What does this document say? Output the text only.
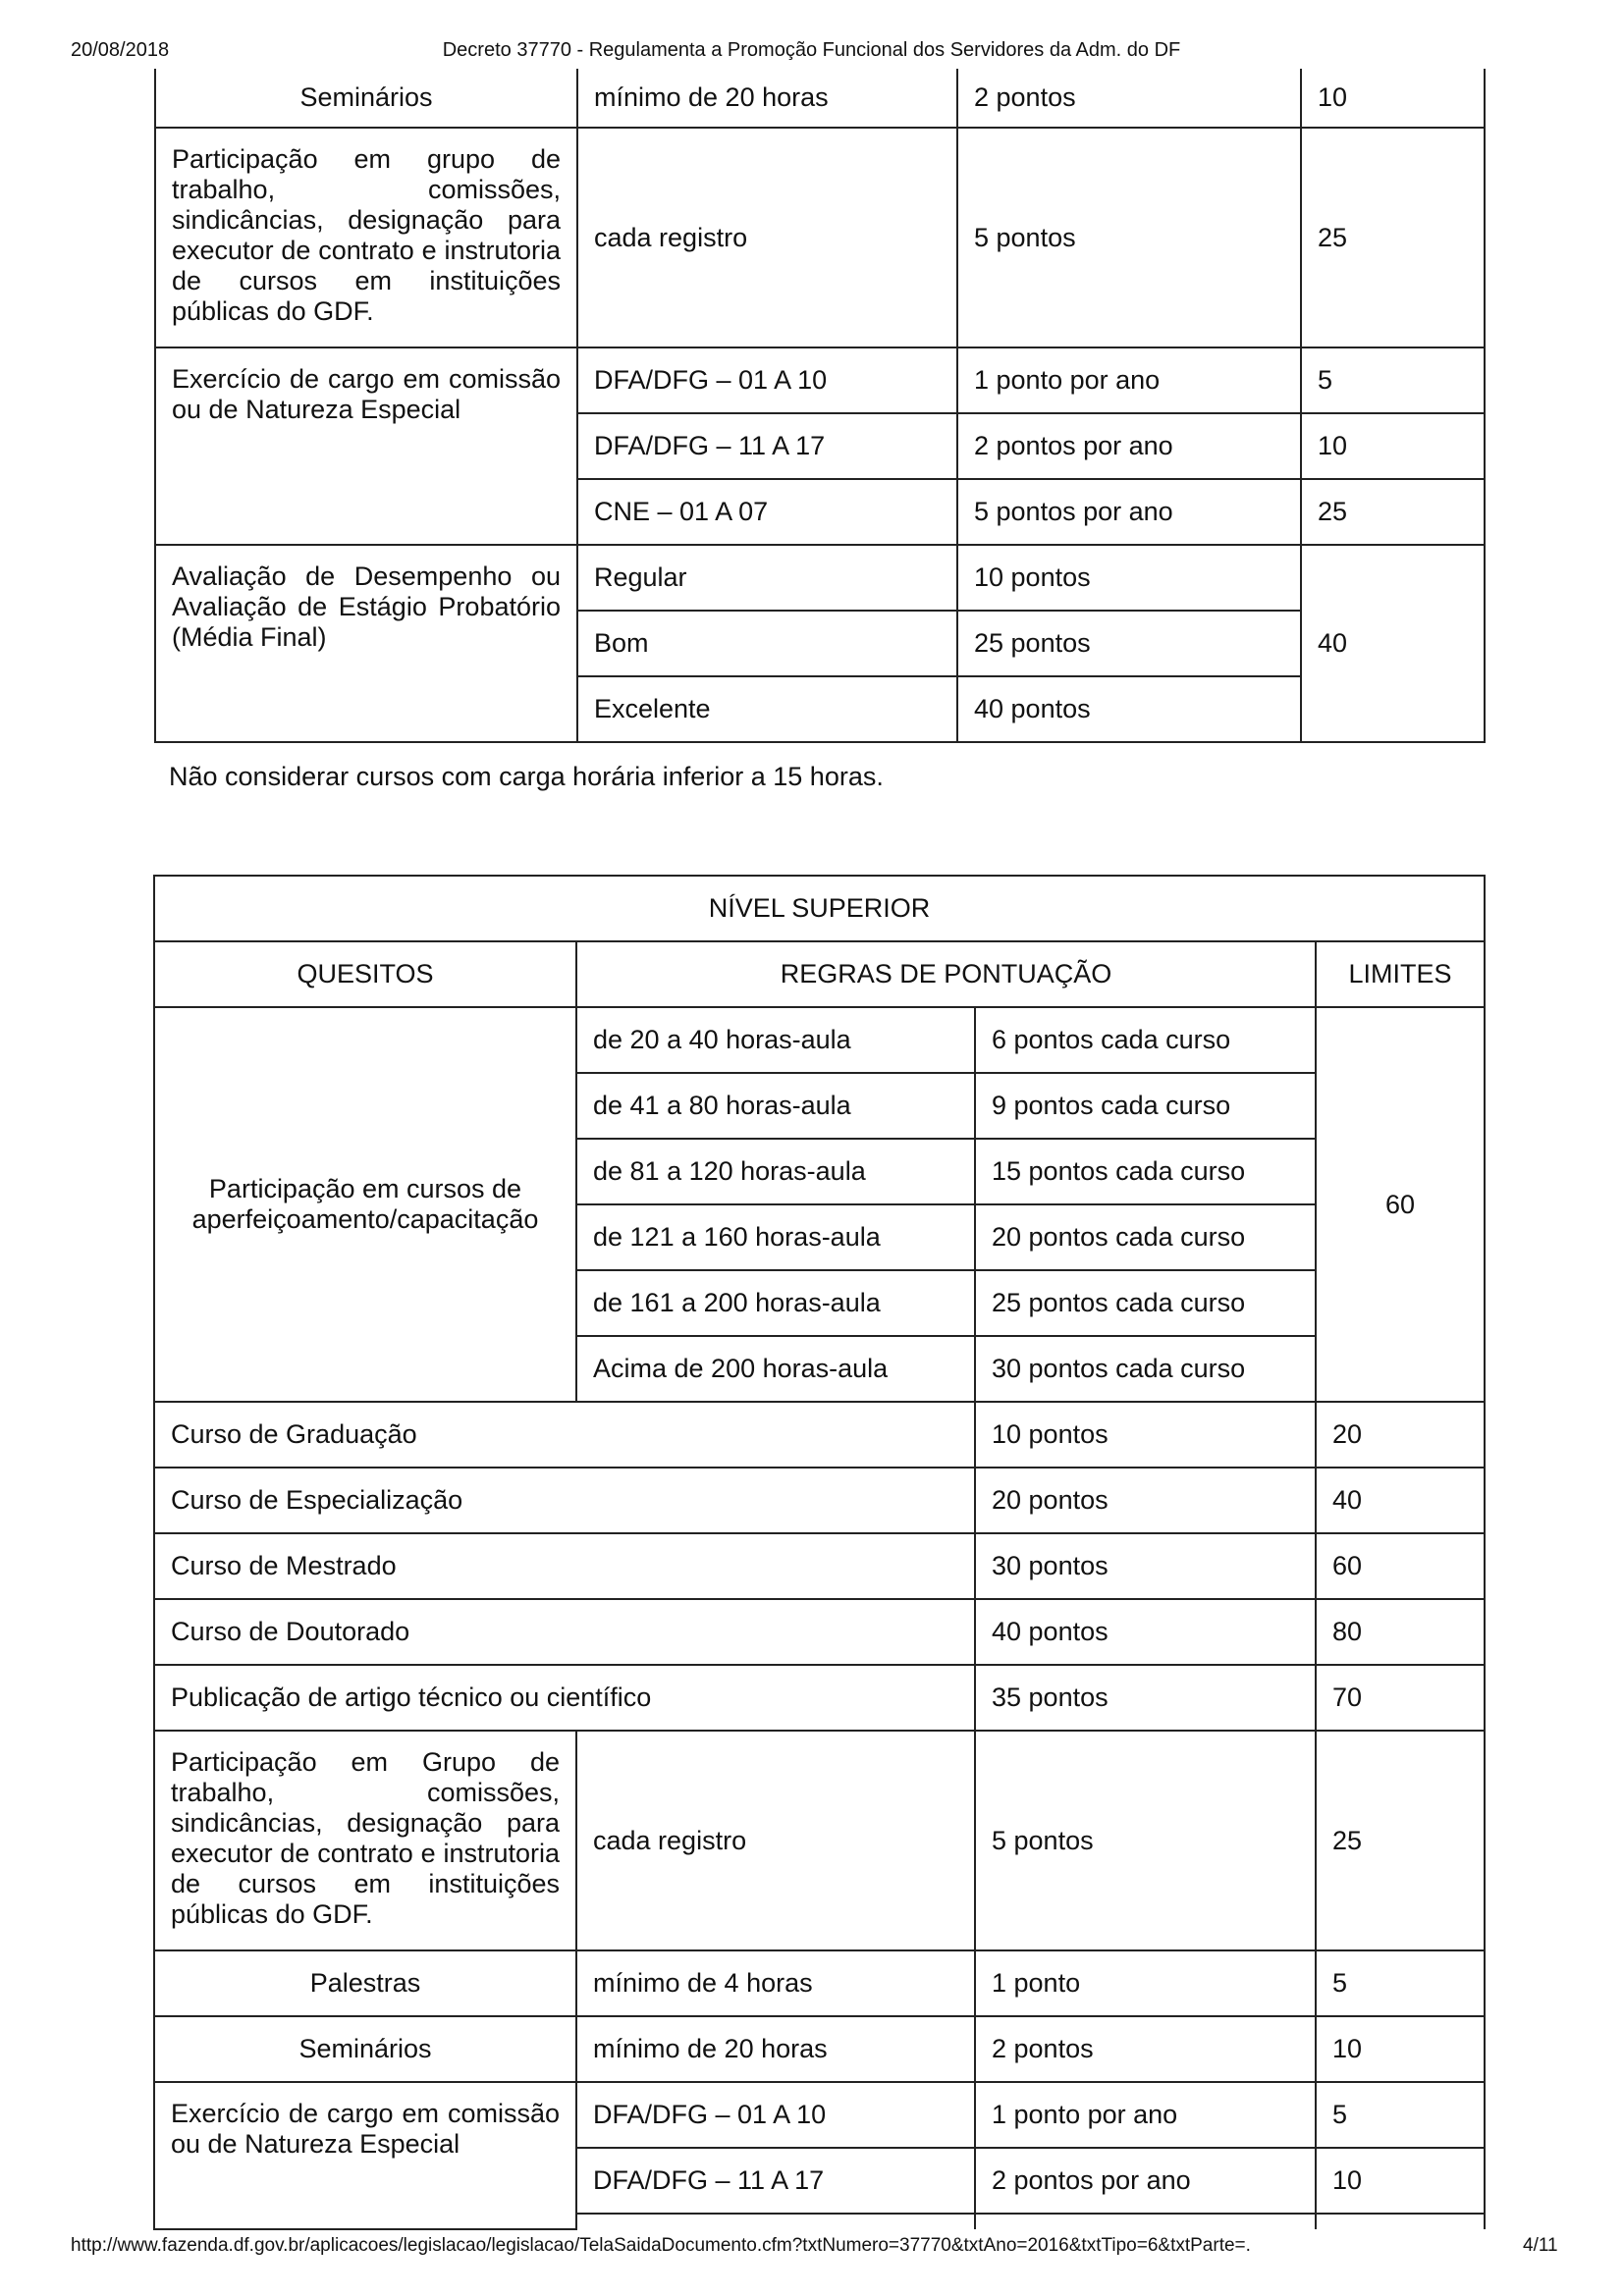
20/08/2018	Decreto 37770 - Regulamenta a Promoção Funcional dos Servidores da Adm. do DF
Seminários	mínimo de 20 horas	2 pontos	10
Participação em grupo de trabalho, comissões, sindicâncias, designação para executor de contrato e instrutoria de cursos em instituições públicas do GDF.	cada registro	5 pontos	25
Exercício de cargo em comissão ou de Natureza Especial	DFA/DFG – 01 A 10	1 ponto por ano	5
	DFA/DFG – 11 A 17	2 pontos por ano	10
	CNE – 01 A 07	5 pontos por ano	25
Avaliação de Desempenho ou Avaliação de Estágio Probatório (Média Final)	Regular	10 pontos	40
	Bom	25 pontos	
	Excelente	40 pontos	
Não considerar cursos com carga horária inferior a 15 horas.
NÍVEL SUPERIOR			
QUESITOS	REGRAS DE PONTUAÇÃO		LIMITES
Participação em cursos de aperfeiçoamento/capacitação	de 20 a 40 horas-aula	6 pontos cada curso	60
	de 41 a 80 horas-aula	9 pontos cada curso	
	de 81 a 120 horas-aula	15 pontos cada curso	
	de 121 a 160 horas-aula	20 pontos cada curso	
	de 161 a 200 horas-aula	25 pontos cada curso	
	Acima de 200 horas-aula	30 pontos cada curso	
Curso de Graduação		10 pontos	20
Curso de Especialização		20 pontos	40
Curso de Mestrado		30 pontos	60
Curso de Doutorado		40 pontos	80
Publicação de artigo técnico ou científico		35 pontos	70
Participação em Grupo de trabalho, comissões, sindicâncias, designação para executor de contrato e instrutoria de cursos em instituições públicas do GDF.	cada registro	5 pontos	25
Palestras	mínimo de 4 horas	1 ponto	5
Seminários	mínimo de 20 horas	2 pontos	10
Exercício de cargo em comissão ou de Natureza Especial	DFA/DFG – 01 A 10	1 ponto por ano	5
	DFA/DFG – 11 A 17	2 pontos por ano	10

http://www.fazenda.df.gov.br/aplicacoes/legislacao/legislacao/TelaSaidaDocumento.cfm?txtNumero=37770&txtAno=2016&txtTipo=6&txtParte=.	4/11
